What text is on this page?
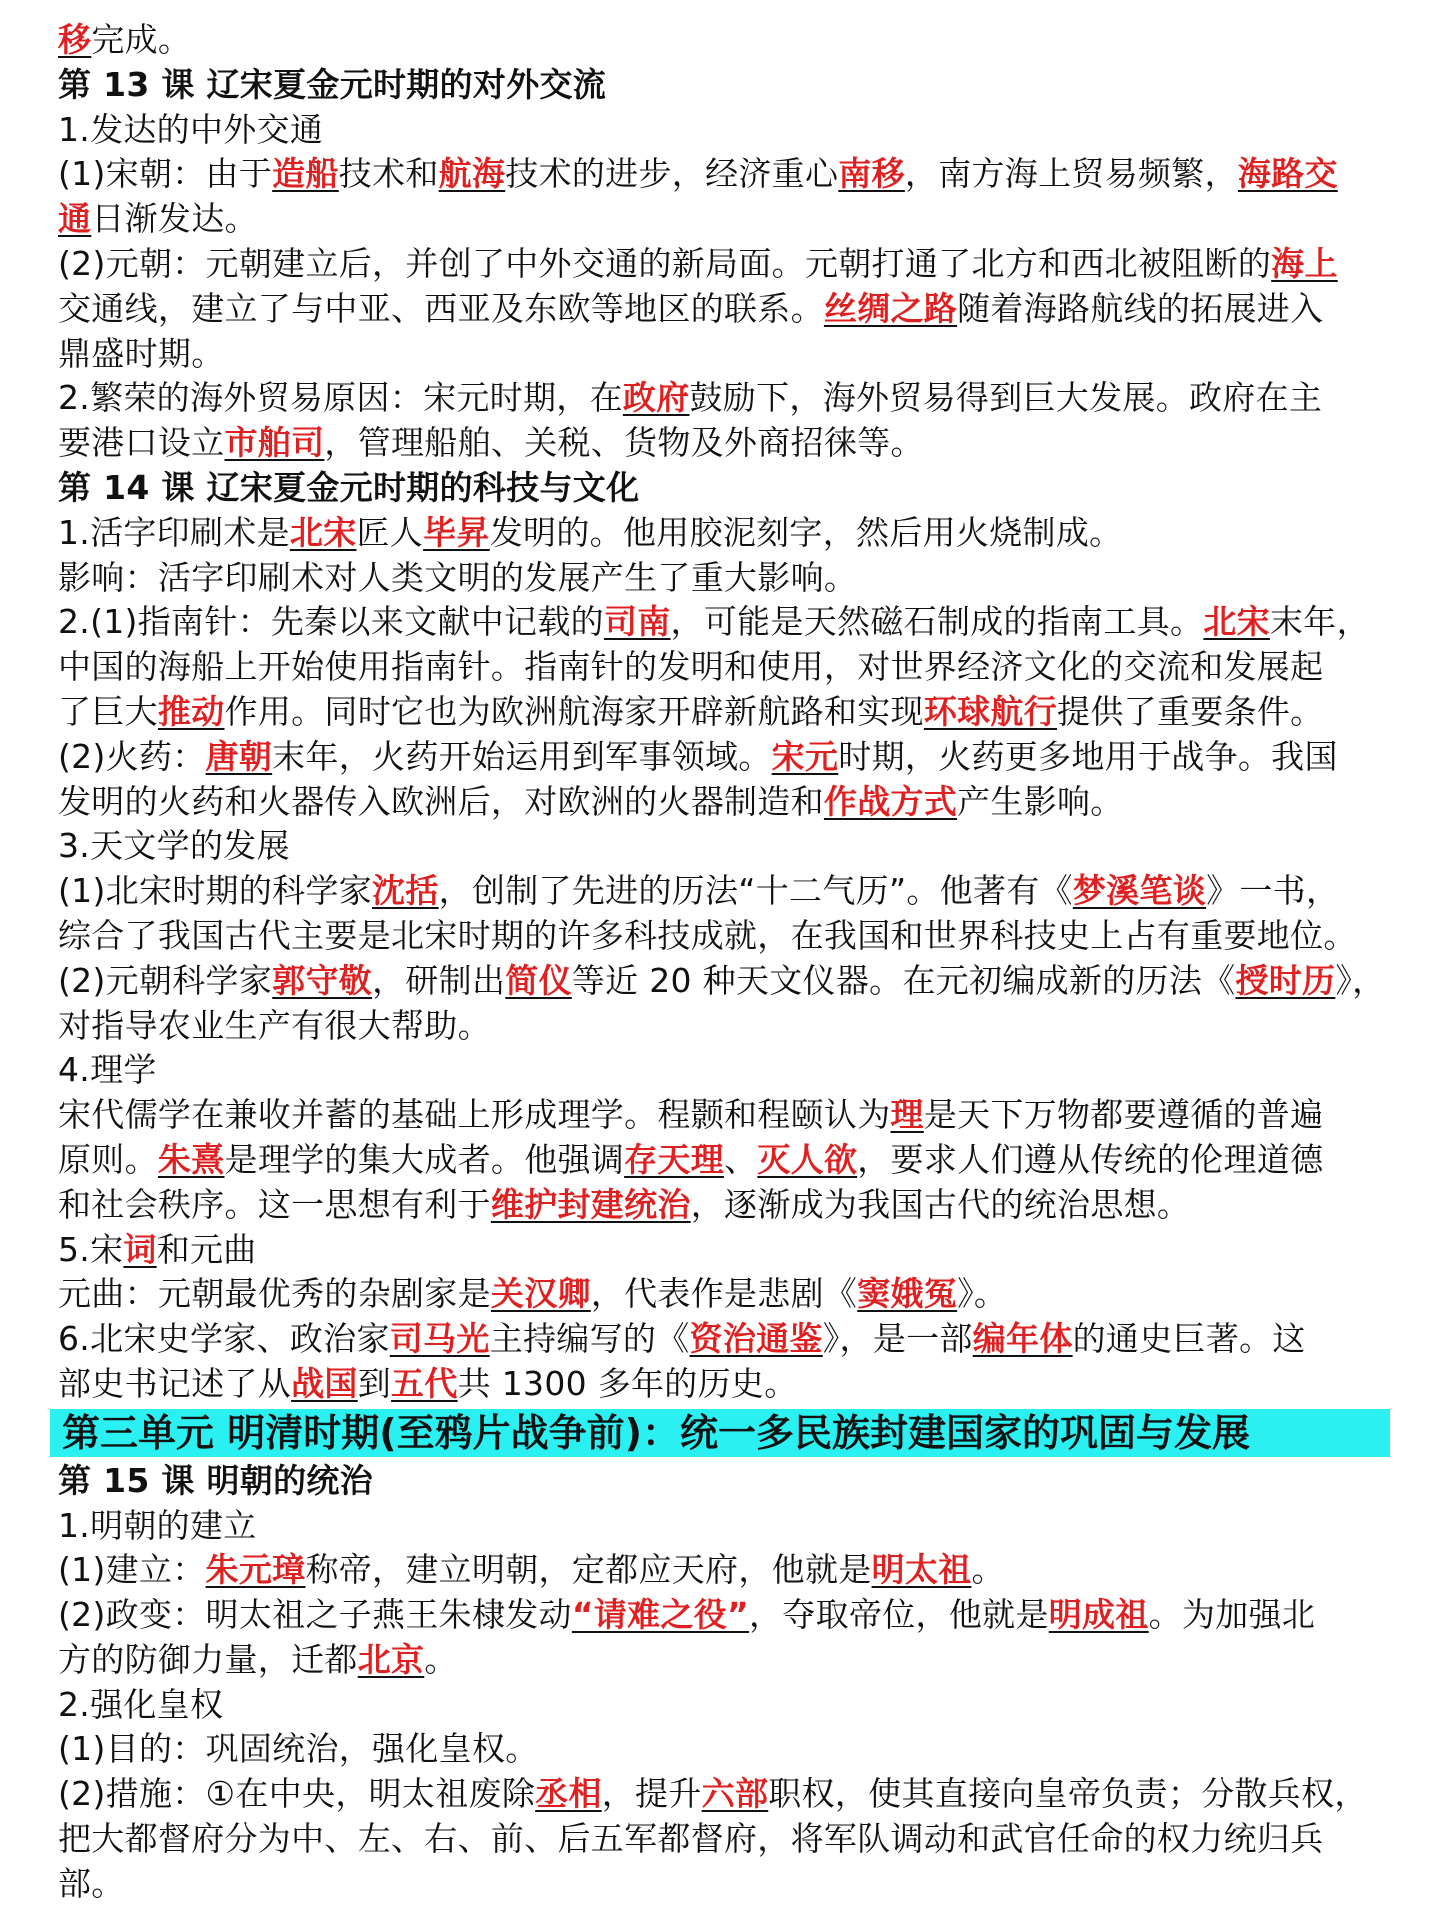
移完成。
第 13 课 辽宋夏金元时期的对外交流
1.发达的中外交通
(1)宋朝：由于造船技术和航海技术的进步，经济重心南移，南方海上贸易频繁，海路交
通日渐发达。
(2)元朝：元朝建立后，并创了中外交通的新局面。元朝打通了北方和西北被阻断的海上
交通线，建立了与中亚、西亚及东欧等地区的联系。丝绸之路随着海路航线的拓展进入
鼎盛时期。
2.繁荣的海外贸易原因：宋元时期，在政府鼓励下，海外贸易得到巨大发展。政府在主
要港口设立市舶司，管理船舶、关税、货物及外商招徕等。
第 14 课 辽宋夏金元时期的科技与文化
1.活字印刷术是北宋匠人毕昇发明的。他用胶泥刻字，然后用火烧制成。
影响：活字印刷术对人类文明的发展产生了重大影响。
2.(1)指南针：先秦以来文献中记载的司南，可能是天然磁石制成的指南工具。北宋末年，
中国的海船上开始使用指南针。指南针的发明和使用，对世界经济文化的交流和发展起
了巨大推动作用。同时它也为欧洲航海家开辟新航路和实现环球航行提供了重要条件。
(2)火药：唐朝末年，火药开始运用到军事领域。宋元时期，火药更多地用于战争。我国
发明的火药和火器传入欧洲后，对欧洲的火器制造和作战方式产生影响。
3.天文学的发展
(1)北宋时期的科学家沈括，创制了先进的历法“十二气历”。他著有《梦溪笔谈》一书，
综合了我国古代主要是北宋时期的许多科技成就，在我国和世界科技史上占有重要地位。
(2)元朝科学家郭守敬，研制出简仪等近 20 种天文仪器。在元初编成新的历法《授时历》，
对指导农业生产有很大帮助。
4.理学
宋代儒学在兼收并蓄的基础上形成理学。程颢和程颐认为理是天下万物都要遵循的普遍
原则。朱熹是理学的集大成者。他强调存天理、灭人欲，要求人们遵从传统的伦理道德
和社会秩序。这一思想有利于维护封建统治，逐渐成为我国古代的统治思想。
5.宋词和元曲
元曲：元朝最优秀的杂剧家是关汉卿，代表作是悲剧《窦娥冤》。
6.北宋史学家、政治家司马光主持编写的《资治通鉴》，是一部编年体的通史巨著。这
部史书记述了从战国到五代共 1300 多年的历史。
第三单元 明清时期(至鸦片战争前)：统一多民族封建国家的巩固与发展
第 15 课 明朝的统治
1.明朝的建立
(1)建立：朱元璋称帝，建立明朝，定都应天府，他就是明太祖。
(2)政变：明太祖之子燕王朱棣发动“请难之役”，夺取帝位，他就是明成祖。为加强北
方的防御力量，迁都北京。
2.强化皇权
(1)目的：巩固统治，强化皇权。
(2)措施：①在中央，明太祖废除丞相，提升六部职权，使其直接向皇帝负责；分散兵权，
把大都督府分为中、左、右、前、后五军都督府，将军队调动和武官任命的权力统归兵
部。
